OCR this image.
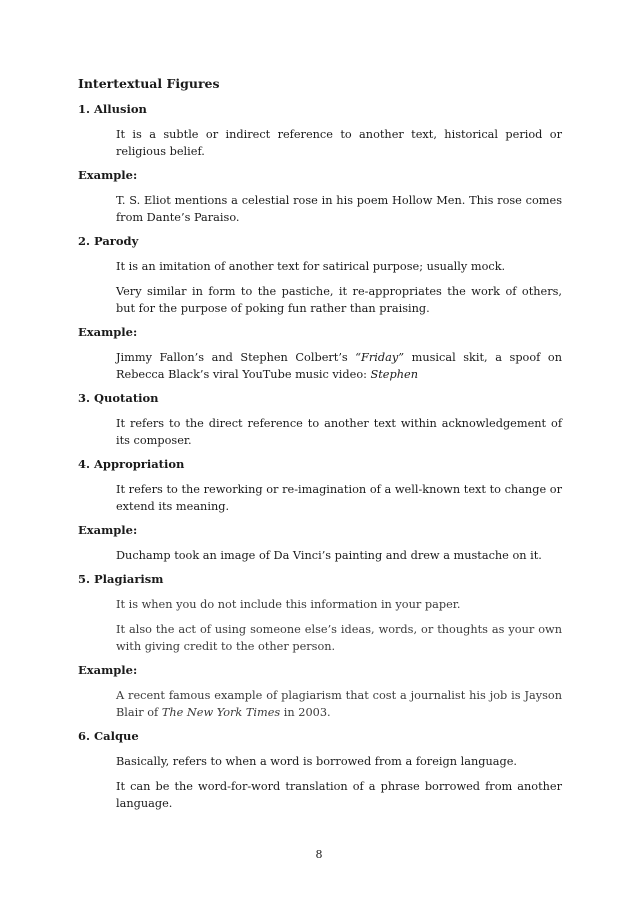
Intertextual Figures
1. Allusion

It is a subtle or indirect reference to another text, historical period or religious belief.

Example:

T. S. Eliot mentions a celestial rose in his poem Hollow Men. This rose comes from Dante’s Paraiso.

2. Parody

It is an imitation of another text for satirical purpose; usually mock.

Very similar in form to the pastiche, it re-appropriates the work of others, but for the purpose of poking fun rather than praising.

Example:

Jimmy Fallon’s and Stephen Colbert’s “Friday” musical skit, a spoof on Rebecca Black’s viral YouTube music video: Stephen

3. Quotation

It refers to the direct reference to another text within acknowledgement of its composer.

4. Appropriation

It refers to the reworking or re-imagination of a well-known text to change or extend its meaning.

Example:

Duchamp took an image of Da Vinci’s painting and drew a mustache on it.

5. Plagiarism

It is when you do not include this information in your paper.

It also the act of using someone else’s ideas, words, or thoughts as your own with giving credit to the other person.

Example:

A recent famous example of plagiarism that cost a journalist his job is Jayson Blair of The New York Times in 2003.

6. Calque

Basically, refers to when a word is borrowed from a foreign language.

It can be the word-for-word translation of a phrase borrowed from another language.

8
